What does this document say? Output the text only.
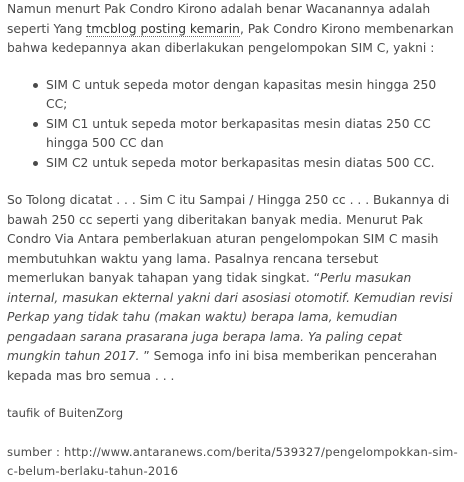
Namun menurt Pak Condro Kirono adalah benar Wacanannya adalah seperti Yang tmcblog posting kemarin, Pak Condro Kirono membenarkan bahwa kedepannya akan diberlakukan pengelompokan SIM C, yakni :

SIM C untuk sepeda motor dengan kapasitas mesin hingga 250 CC;
SIM C1 untuk sepeda motor berkapasitas mesin diatas 250 CC hingga 500 CC dan
SIM C2 untuk sepeda motor berkapasitas mesin diatas 500 CC.

So Tolong dicatat . . . Sim C itu Sampai / Hingga 250 cc . . . Bukannya di bawah 250 cc seperti yang diberitakan banyak media. Menurut Pak Condro Via Antara pemberlakuan aturan pengelompokan SIM C masih membutuhkan waktu yang lama. Pasalnya rencana tersebut memerlukan banyak tahapan yang tidak singkat. “Perlu masukan internal, masukan ekternal yakni dari asosiasi otomotif. Kemudian revisi Perkap yang tidak tahu (makan waktu) berapa lama, kemudian pengadaan sarana prasarana juga berapa lama. Ya paling cepat mungkin tahun 2017. ” Semoga info ini bisa memberikan pencerahan kepada mas bro semua . . .

taufik of BuitenZorg

sumber : http://www.antaranews.com/berita/539327/pengelompokkan-sim-c-belum-berlaku-tahun-2016
